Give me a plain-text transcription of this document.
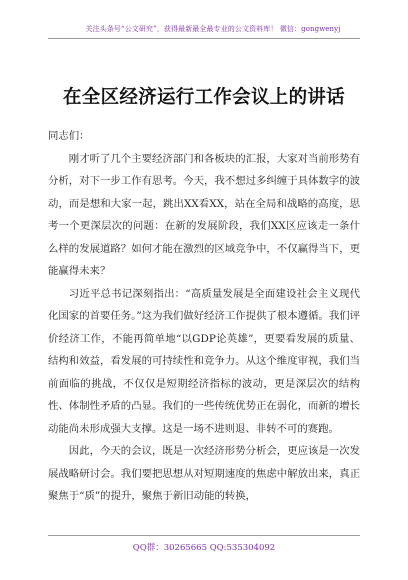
关注头条号“公文研究”，获得最新最全最专业的公文资料库！ 微信：gongwenyj
在全区经济运行工作会议上的讲话

同志们：

刚才听了几个主要经济部门和各板块的汇报，大家对当前形势有分析，对下一步工作有思考。今天，我不想过多纠缠于具体数字的波动，而是想和大家一起，跳出XX看XX，站在全局和战略的高度，思考一个更深层次的问题：在新的发展阶段，我们XX区应该走一条什么样的发展道路？如何才能在激烈的区域竞争中，不仅赢得当下，更能赢得未来？

习近平总书记深刻指出：“高质量发展是全面建设社会主义现代化国家的首要任务。”这为我们做好经济工作提供了根本遵循。我们评价经济工作，不能再简单地“以GDP论英雄”，更要看发展的质量、结构和效益，看发展的可持续性和竞争力。从这个维度审视，我们当前面临的挑战，不仅仅是短期经济指标的波动，更是深层次的结构性、体制性矛盾的凸显。我们的一些传统优势正在弱化，而新的增长动能尚未形成强大支撑。这是一场不进则退、非转不可的赛跑。

因此，今天的会议，既是一次经济形势分析会，更应该是一次发展战略研讨会。我们要把思想从对短期速度的焦虑中解放出来，真正聚焦于“质”的提升，聚焦于新旧动能的转换，

QQ群：30265665 QQ:535304092
